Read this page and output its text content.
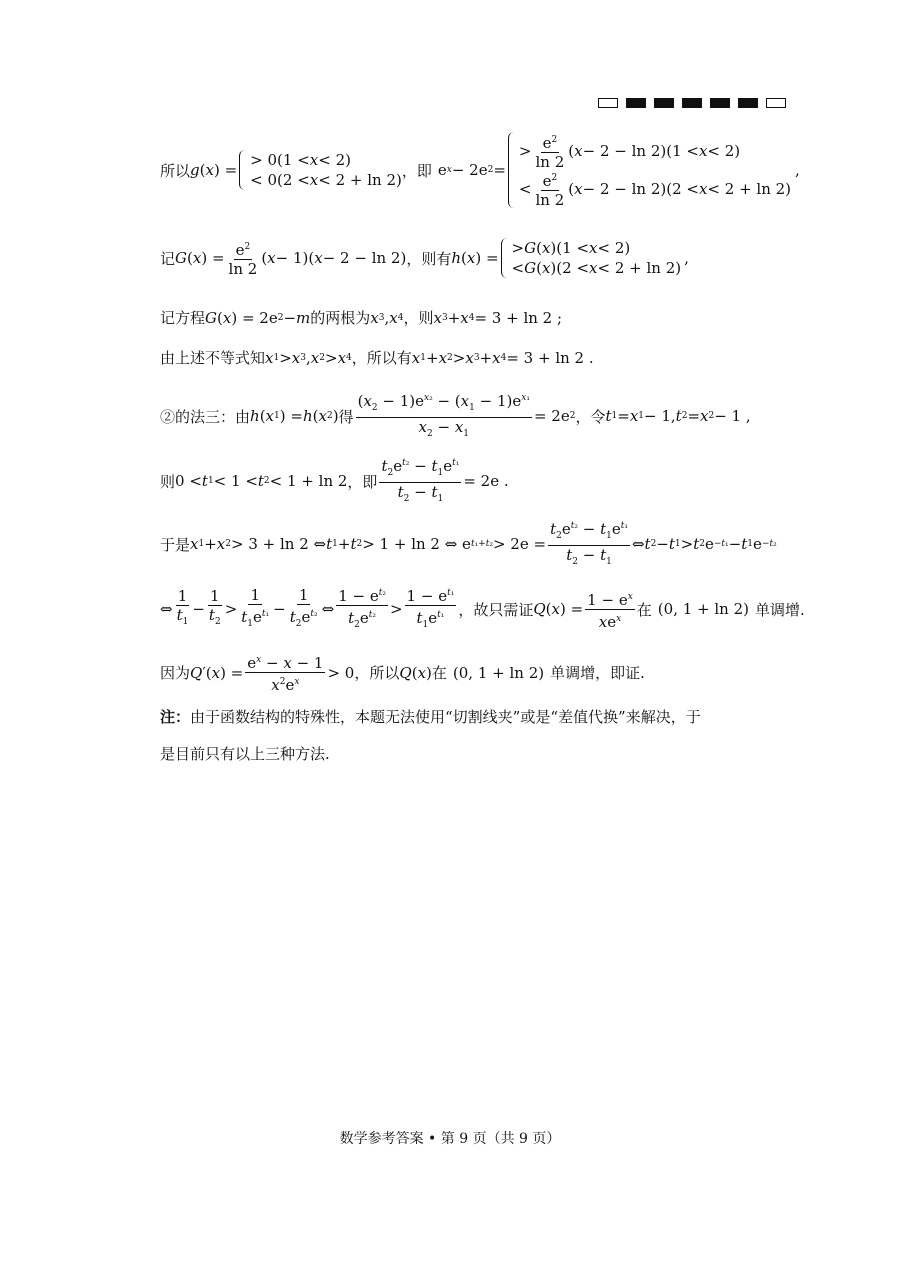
所以 g ( x ) =
> 0(1 < x < 2)
< 0(2 < x < 2 + ln 2)
，即 e x − 2e 2 =
> $\frac{e^2}{\ln 2}$ ( x − 2 − ln 2)(1 < x < 2)
< $\frac{e^2}{\ln 2}$ ( x − 2 − ln 2)(2 < x < 2 + ln 2)
,
记 G ( x ) = $\frac{e^2}{\ln 2}$ ( x − 1)( x − 2 − ln 2) ，则有 h ( x ) =
> G ( x )(1 < x < 2)
< G ( x )(2 < x < 2 + ln 2)
,
记方程 G ( x ) = 2e 2 − m 的两根为 x 3 , x 4 ，则 x 3 + x 4 = 3 + ln 2 ;
由上述不等式知 x 1 > x 3 , x 2 > x 4 ，所以有 x 1 + x 2 > x 3 + x 4 = 3 + ln 2 .
②的法三：由 h ( x 1 ) = h ( x 2 ) 得 $\frac{(x_2 - 1)e^{x_2} - (x_1 - 1)e^{x_1}}{x_2 - x_1} = 2e$ 2 ，令 t 1 = x 1 − 1, t 2 = x 2 − 1 ,
则 0 < t 1 < 1 < t 2 < 1 + ln 2 ，即 $\frac{t_2e^{t_2} - t_1e^{t_1}}{t_2 - t_1} = 2e$ .
于是 x 1 + x 2 > 3 + ln 2 ⇔ t 1 + t 2 > 1 + ln 2 ⇔ e $t_1+t_2 > 2e = \frac{t_2e^{t_2} - t_1e^{t_1}}{t_2 - t_1}$ ⇔ t 2 − t 1 > t 2 e −t₁ − t 1 e −t₂
⇔ $\frac{1}{t_1} - \frac{1}{t_2} > \frac{1}{t_1e^{t_1}} - \frac{1}{t_2e^{t_2}}$ ⇔ $\frac{1 - e^{t_2}}{t_2e^{t_2}} > \frac{1 - e^{t_1}}{t_1e^{t_1}}$ ，故只需证 Q ( x ) = $\frac{1 - e^x}{xe^x}$ 在 (0, 1 + ln 2) 单调增.
因为 Q ′( x ) = $\frac{e^x - x - 1}{x^2e^x} > 0$ ，所以 Q ( x ) 在 (0, 1 + ln 2) 单调增，即证.
注： 由于函数结构的特殊性，本题无法使用“切割线夹”或是“差值代换”来解决，于
是目前只有以上三种方法.
数学参考答案 • 第 9 页（共 9 页）
